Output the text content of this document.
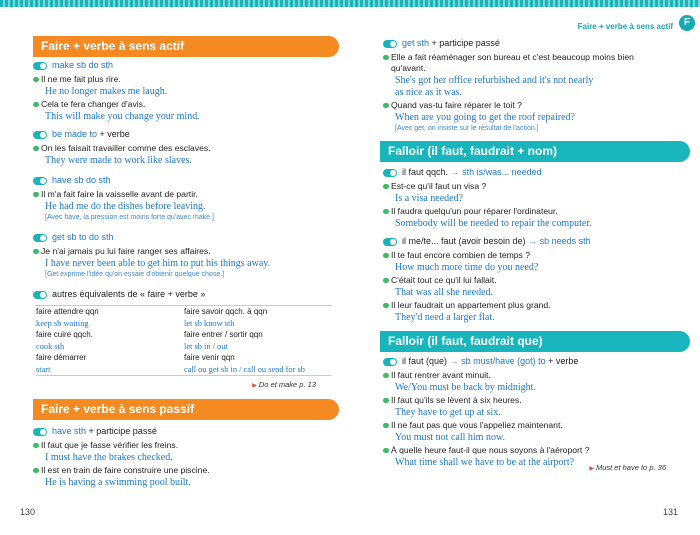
Faire + verbe à sens actif
make sb do sth
Il ne me fait plus rire.
He no longer makes me laugh.
Cela te fera changer d'avis.
This will make you change your mind.
be made to + verbe
On les faisait travailler comme des esclaves.
They were made to work like slaves.
have sb do sth
Il m'a fait faire la vaisselle avant de partir.
He had me do the dishes before leaving.
[Avec have, la pression est moins forte qu'avec make.]
get sb to do sth
Je n'ai jamais pu lui faire ranger ses affaires.
I have never been able to get him to put his things away.
[Get exprime l'idée qu'on essaie d'obtenir quelque chose.]
autres équivalents de « faire + verbe »
faire attendre qqn	faire savoir qqch. à qqn
keep sb waiting	let sb know sth
faire cuire qqch.	faire entrer / sortir qqn
cook sth	let sb in / out
faire démarrer	faire venir qqn
start	call ou get sb in / call ou send for sb
▶ Do et make p. 13
Faire + verbe à sens passif
have sth + participe passé
Il faut que je fasse vérifier les freins.
I must have the brakes checked.
Il est en train de faire construire une piscine.
He is having a swimming pool built.
130
Faire + verbe à sens actif	F
get sth + participe passé
Elle a fait réaménager son bureau et c'est beaucoup moins bien
qu'avant.
She's got her office refurbished and it's not nearly
as nice as it was.
Quand vas-tu faire réparer le toit ?
When are you going to get the roof repaired?
[Avec get, on insiste sur le résultat de l'action.]
Falloir (il faut, faudrait + nom)
il faut qqch. → sth is/was... needed
Est-ce qu'il faut un visa ?
Is a visa needed?
Il faudra quelqu'un pour réparer l'ordinateur.
Somebody will be needed to repair the computer.
il me/te... faut (avoir besoin de) → sb needs sth
Il te faut encore combien de temps ?
How much more time do you need?
C'était tout ce qu'il lui fallait.
That was all she needed.
Il leur faudrait un appartement plus grand.
They'd need a larger flat.
Falloir (il faut, faudrait que)
il faut (que) → sb must/have (got) to + verbe
Il faut rentrer avant minuit.
We/You must be back by midnight.
Il faut qu'ils se lèvent à six heures.
They have to get up at six.
Il ne faut pas que vous l'appeliez maintenant.
You must not call him now.
À quelle heure faut-il que nous soyons à l'aéroport ?
What time shall we have to be at the airport?
▶	Must et have to p. 36
131
